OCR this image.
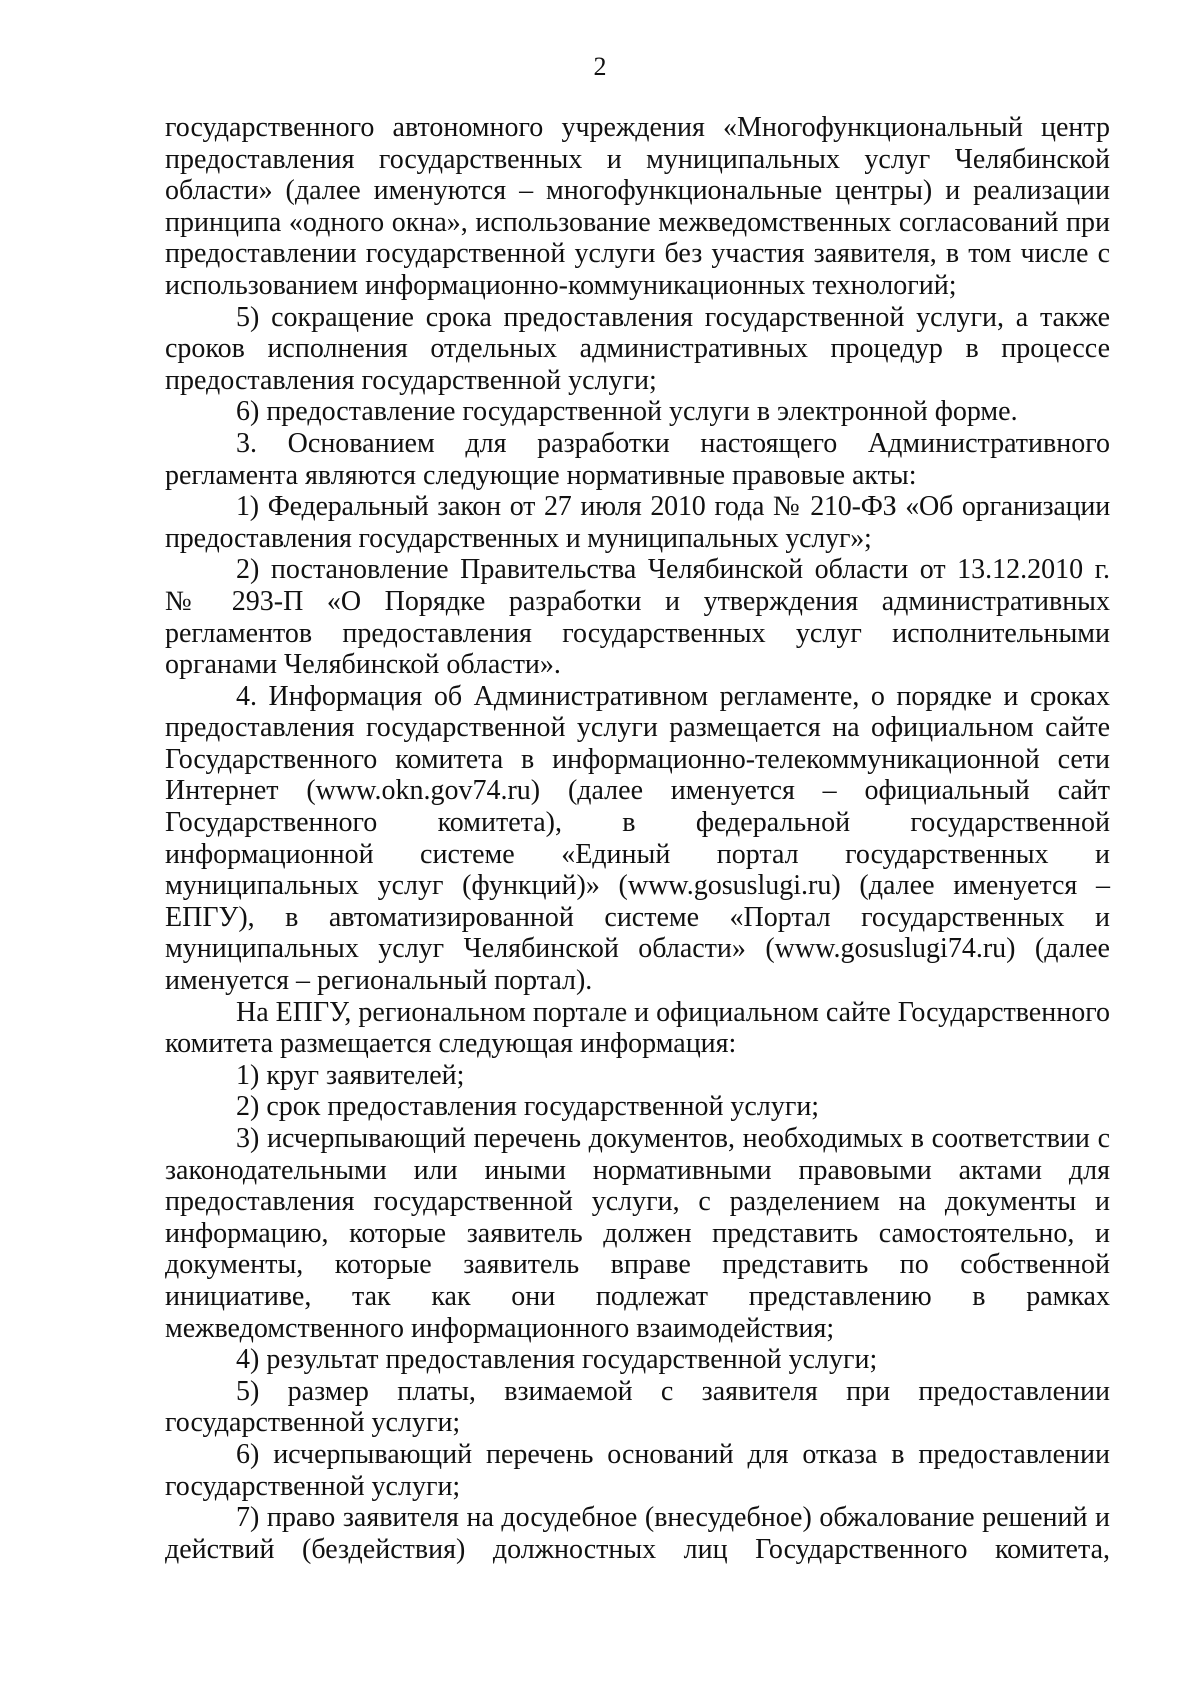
2

государственного автономного учреждения «Многофункциональный центр предоставления государственных и муниципальных услуг Челябинской области» (далее именуются – многофункциональные центры) и реализации принципа «одного окна», использование межведомственных согласований при предоставлении государственной услуги без участия заявителя, в том числе с использованием информационно-коммуникационных технологий;

5) сокращение срока предоставления государственной услуги, а также сроков исполнения отдельных административных процедур в процессе предоставления государственной услуги;

6) предоставление государственной услуги в электронной форме.

3. Основанием для разработки настоящего Административного регламента являются следующие нормативные правовые акты:

1) Федеральный закон от 27 июля 2010 года № 210-ФЗ «Об организации предоставления государственных и муниципальных услуг»;

2) постановление Правительства Челябинской области от 13.12.2010 г. № 293-П «О Порядке разработки и утверждения административных регламентов предоставления государственных услуг исполнительными органами Челябинской области».

4. Информация об Административном регламенте, о порядке и сроках предоставления государственной услуги размещается на официальном сайте Государственного комитета в информационно-телекоммуникационной сети Интернет (www.okn.gov74.ru) (далее именуется – официальный сайт Государственного комитета), в федеральной государственной информационной системе «Единый портал государственных и муниципальных услуг (функций)» (www.gosuslugi.ru) (далее именуется – ЕПГУ), в автоматизированной системе «Портал государственных и муниципальных услуг Челябинской области» (www.gosuslugi74.ru) (далее именуется – региональный портал).

На ЕПГУ, региональном портале и официальном сайте Государственного комитета размещается следующая информация:

1) круг заявителей;

2) срок предоставления государственной услуги;

3) исчерпывающий перечень документов, необходимых в соответствии с законодательными или иными нормативными правовыми актами для предоставления государственной услуги, с разделением на документы и информацию, которые заявитель должен представить самостоятельно, и документы, которые заявитель вправе представить по собственной инициативе, так как они подлежат представлению в рамках межведомственного информационного взаимодействия;

4) результат предоставления государственной услуги;

5) размер платы, взимаемой с заявителя при предоставлении государственной услуги;

6) исчерпывающий перечень оснований для отказа в предоставлении государственной услуги;

7) право заявителя на досудебное (внесудебное) обжалование решений и действий (бездействия) должностных лиц Государственного комитета,
